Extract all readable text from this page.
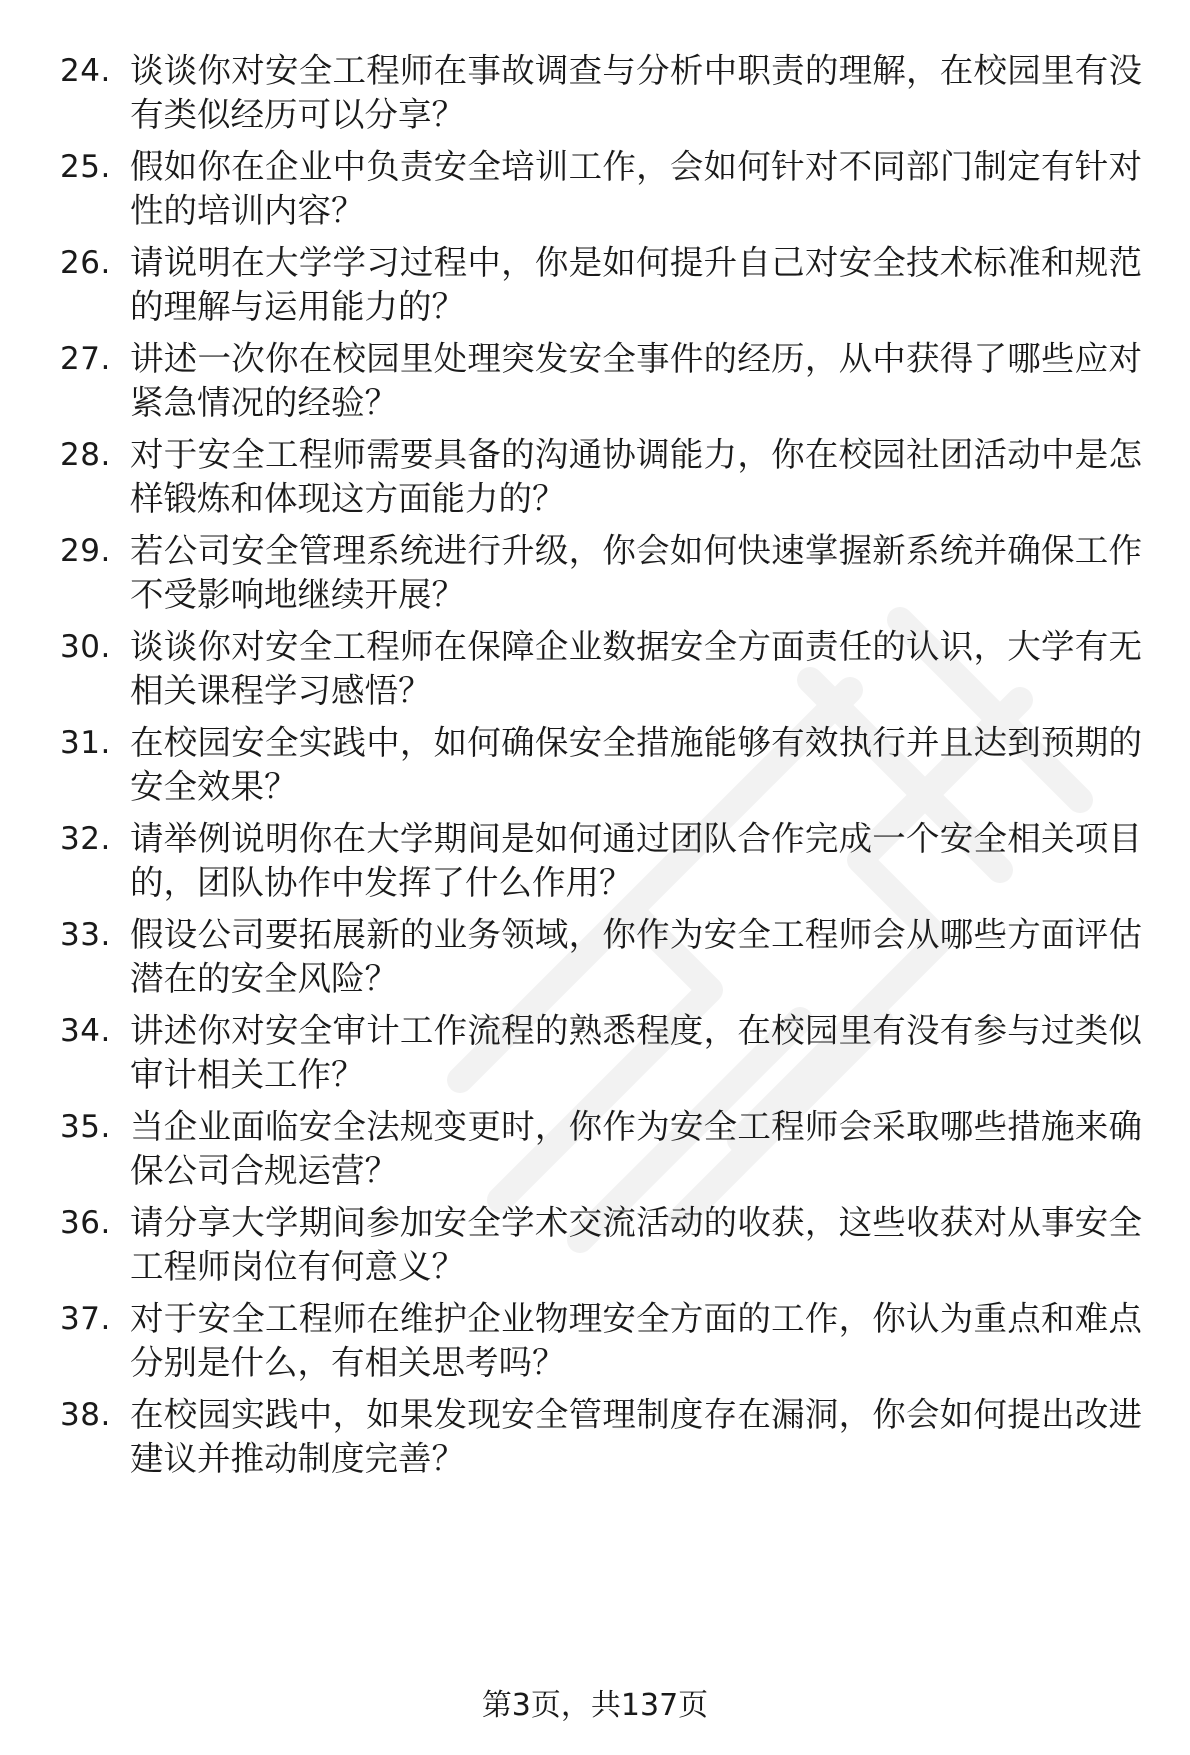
24. 谈谈你对安全工程师在事故调查与分析中职责的理解，在校园里有没有类似经历可以分享？
25. 假如你在企业中负责安全培训工作，会如何针对不同部门制定有针对性的培训内容？
26. 请说明在大学学习过程中，你是如何提升自己对安全技术标准和规范的理解与运用能力的？
27. 讲述一次你在校园里处理突发安全事件的经历，从中获得了哪些应对紧急情况的经验？
28. 对于安全工程师需要具备的沟通协调能力，你在校园社团活动中是怎样锻炼和体现这方面能力的？
29. 若公司安全管理系统进行升级，你会如何快速掌握新系统并确保工作不受影响地继续开展？
30. 谈谈你对安全工程师在保障企业数据安全方面责任的认识，大学有无相关课程学习感悟？
31. 在校园安全实践中，如何确保安全措施能够有效执行并且达到预期的安全效果？
32. 请举例说明你在大学期间是如何通过团队合作完成一个安全相关项目的，团队协作中发挥了什么作用？
33. 假设公司要拓展新的业务领域，你作为安全工程师会从哪些方面评估潜在的安全风险？
34. 讲述你对安全审计工作流程的熟悉程度，在校园里有没有参与过类似审计相关工作？
35. 当企业面临安全法规变更时，你作为安全工程师会采取哪些措施来确保公司合规运营？
36. 请分享大学期间参加安全学术交流活动的收获，这些收获对从事安全工程师岗位有何意义？
37. 对于安全工程师在维护企业物理安全方面的工作，你认为重点和难点分别是什么，有相关思考吗？
38. 在校园实践中，如果发现安全管理制度存在漏洞，你会如何提出改进建议并推动制度完善？
第3页，共137页
